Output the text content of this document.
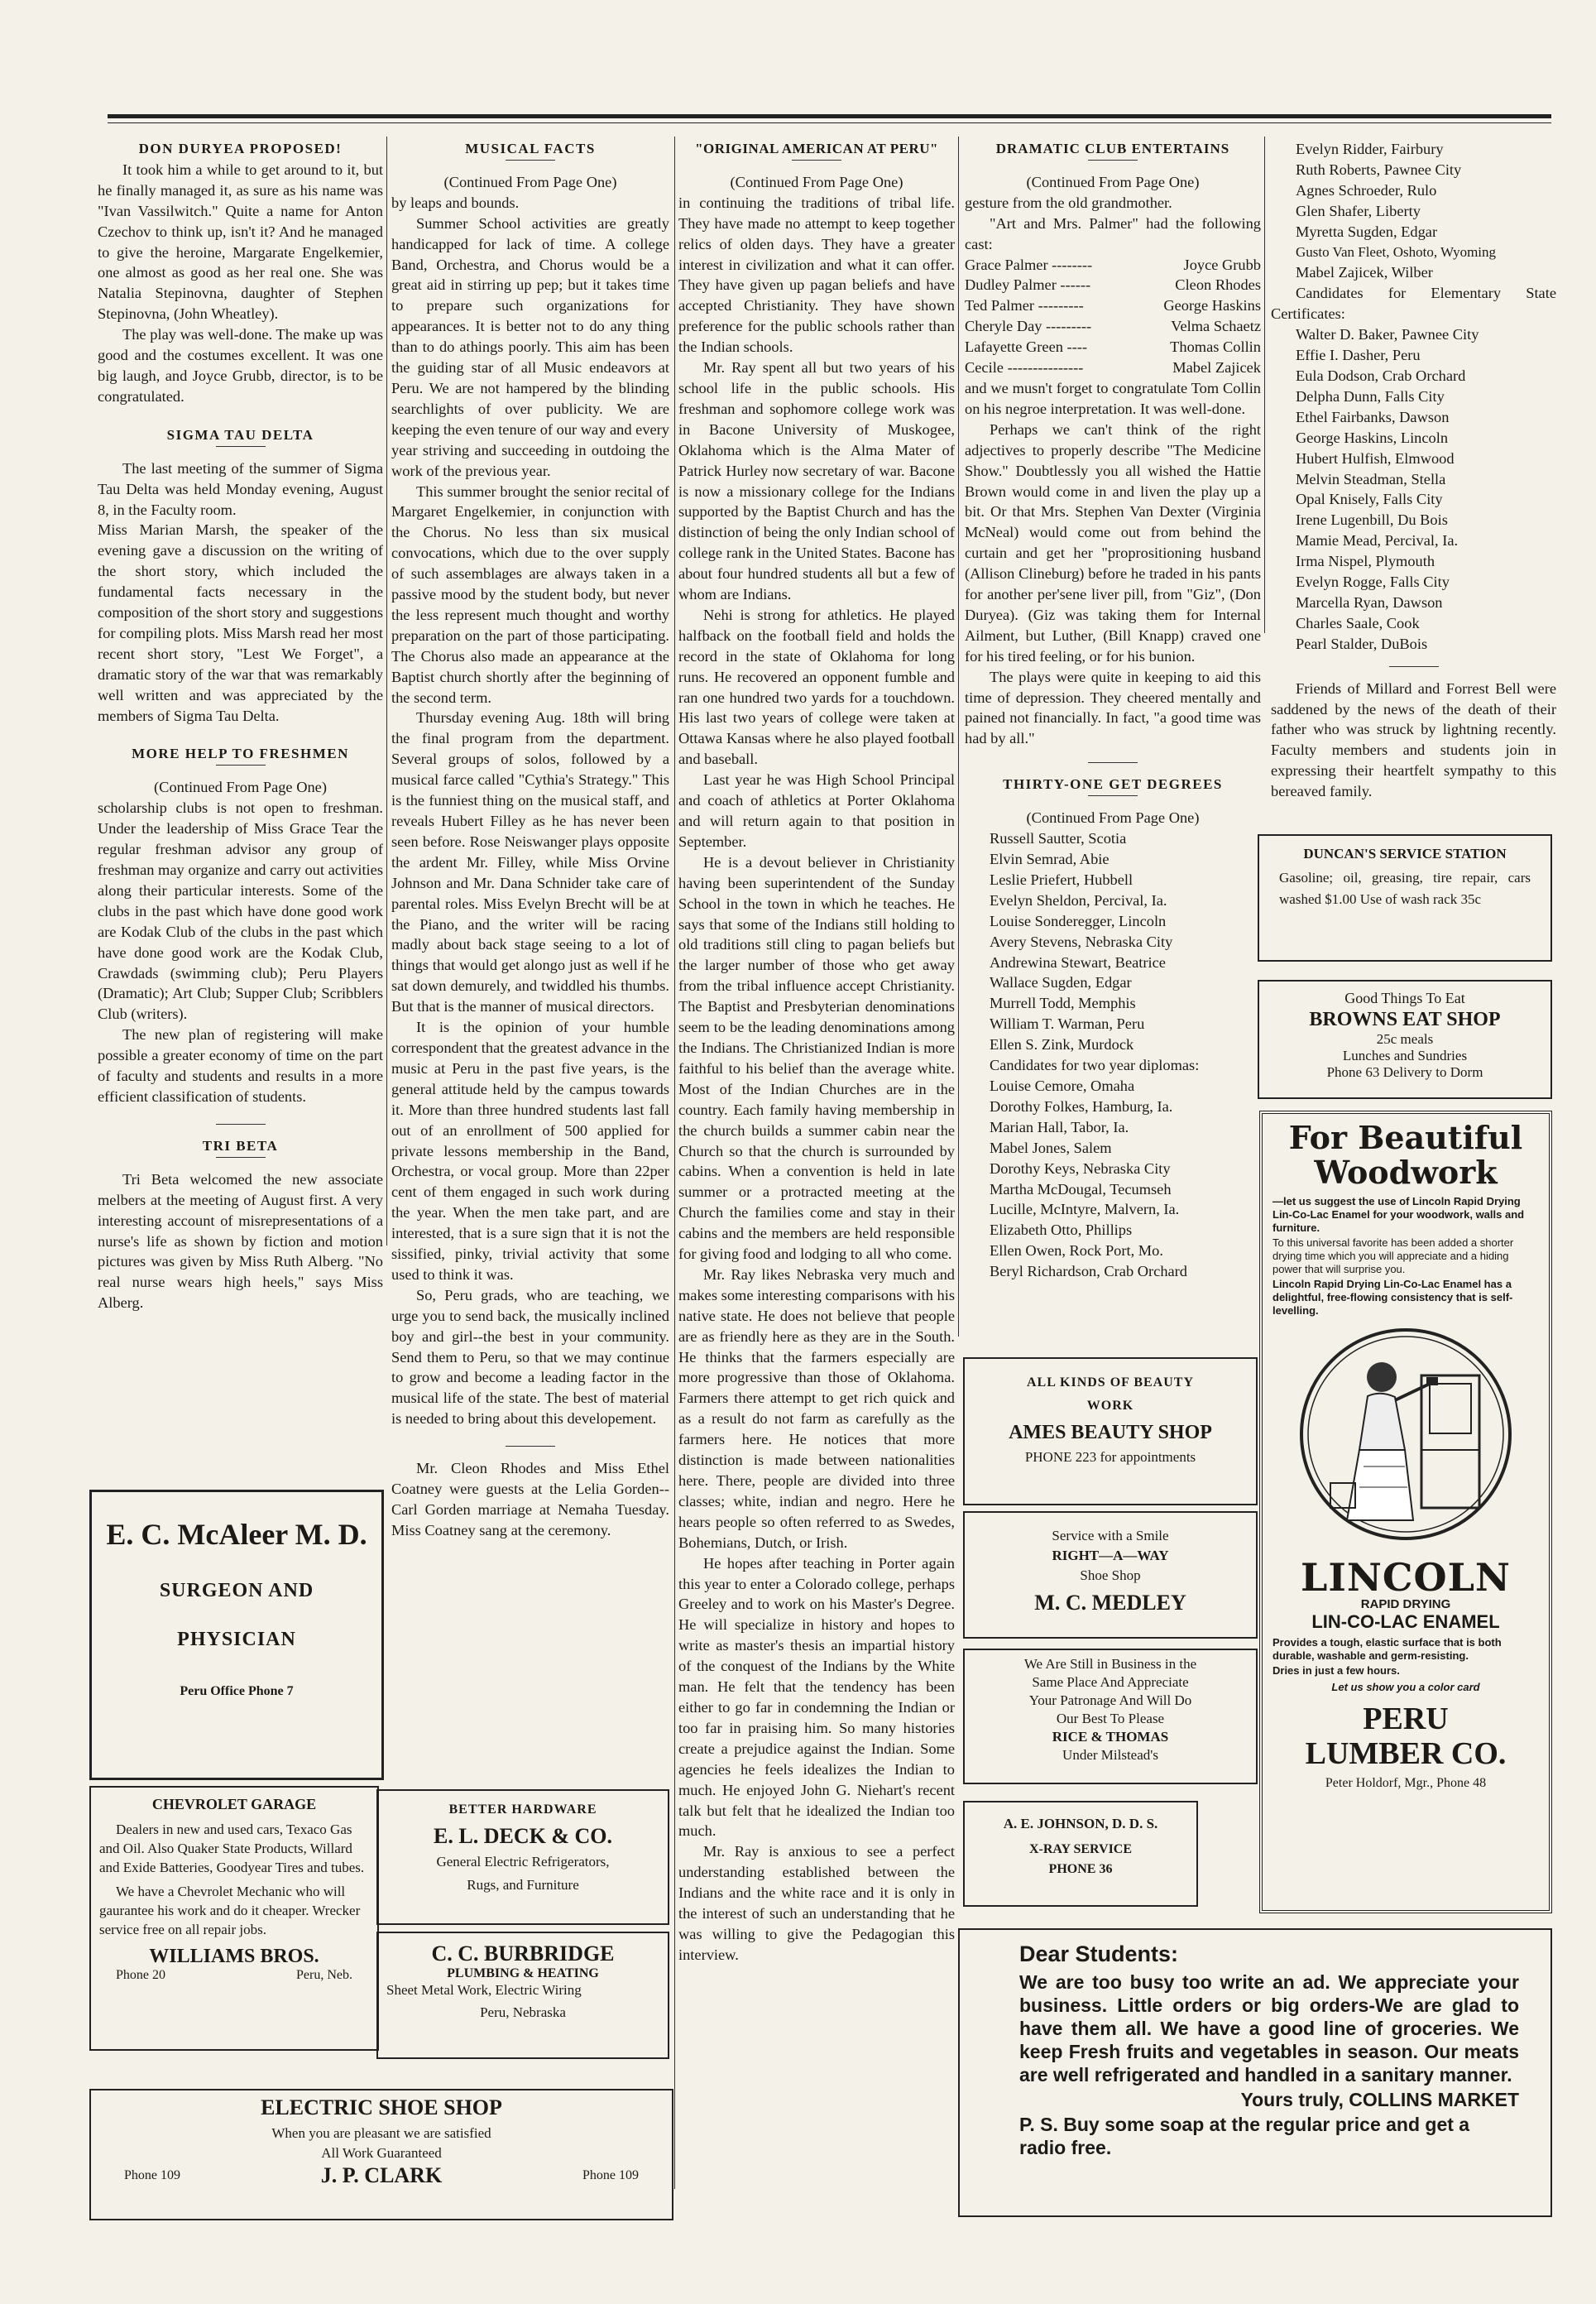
DON DURYEA PROPOSED!

It took him a while to get around to it, but he finally managed it, as sure as his name was "Ivan Vassilwitch." Quite a name for Anton Czechov to think up, isn't it? And he managed to give the heroine, Margarate Engelkemier, one almost as good as her real one. She was Natalia Stepinovna, daughter of Stephen Stepinovna, (John Wheatley).

The play was well-done. The make up was good and the costumes excellent. It was one big laugh, and Joyce Grubb, director, is to be congratulated.

SIGMA TAU DELTA

The last meeting of the summer of Sigma Tau Delta was held Monday evening, August 8, in the Faculty room.

Miss Marian Marsh, the speaker of the evening gave a discussion on the writing of the short story, which included the fundamental facts necessary in the composition of the short story and suggestions for compiling plots. Miss Marsh read her most recent short story, "Lest We Forget", a dramatic story of the war that was remarkably well written and was appreciated by the members of Sigma Tau Delta.

MORE HELP TO FRESHMEN

(Continued From Page One)

scholarship clubs is not open to freshman. Under the leadership of Miss Grace Tear the regular freshman advisor any group of freshman may organize and carry out activities along their particular interests. Some of the clubs in the past which have done good work are Kodak Club of the clubs in the past which have done good work are the Kodak Club, Crawdads (swimming club); Peru Players (Dramatic); Art Club; Supper Club; Scribblers Club (writers).

The new plan of registering will make possible a greater economy of time on the part of faculty and students and results in a more efficient classification of students.

TRI BETA

Tri Beta welcomed the new associate melbers at the meeting of August first. A very interesting account of misrepresentations of a nurse's life as shown by fiction and motion pictures was given by Miss Ruth Alberg. "No real nurse wears high heels," says Miss Alberg.

MUSICAL FACTS

(Continued From Page One)

by leaps and bounds.

Summer School activities are greatly handicapped for lack of time. A college Band, Orchestra, and Chorus would be a great aid in stirring up pep; but it takes time to prepare such organizations for appearances. It is better not to do any thing than to do athings poorly. This aim has been the guiding star of all Music endeavors at Peru. We are not hampered by the blinding searchlights of over publicity. We are keeping the even tenure of our way and every year striving and succeeding in outdoing the work of the previous year.

This summer brought the senior recital of Margaret Engelkemier, in conjunction with the Chorus. No less than six musical convocations, which due to the over supply of such assemblages are always taken in a passive mood by the student body, but never the less represent much thought and worthy preparation on the part of those participating. The Chorus also made an appearance at the Baptist church shortly after the beginning of the second term.

Thursday evening Aug. 18th will bring the final program from the department. Several groups of solos, followed by a musical farce called "Cythia's Strategy." This is the funniest thing on the musical staff, and reveals Hubert Filley as he has never been seen before. Rose Neiswanger plays opposite the ardent Mr. Filley, while Miss Orvine Johnson and Mr. Dana Schnider take care of parental roles. Miss Evelyn Brecht will be at the Piano, and the writer will be racing madly about back stage seeing to a lot of things that would get alongo just as well if he sat down demurely, and twiddled his thumbs. But that is the manner of musical directors.

It is the opinion of your humble correspondent that the greatest advance in the music at Peru in the past five years, is the general attitude held by the campus towards it. More than three hundred students last fall out of an enrollment of 500 applied for private lessons membership in the Band, Orchestra, or vocal group. More than 22per cent of them engaged in such work during the year. When the men take part, and are interested, that is a sure sign that it is not the sissified, pinky, trivial activity that some used to think it was.

So, Peru grads, who are teaching, we urge you to send back, the musically inclined boy and girl--the best in your community. Send them to Peru, so that we may continue to grow and become a leading factor in the musical life of the state. The best of material is needed to bring about this developement.

Mr. Cleon Rhodes and Miss Ethel Coatney were guests at the Lelia Gorden--Carl Gorden marriage at Nemaha Tuesday. Miss Coatney sang at the ceremony.

"ORIGINAL AMERICAN AT PERU"

(Continued From Page One)

in continuing the traditions of tribal life. They have made no attempt to keep together relics of olden days. They have a greater interest in civilization and what it can offer. They have given up pagan beliefs and have accepted Christianity. They have shown preference for the public schools rather than the Indian schools.

Mr. Ray spent all but two years of his school life in the public schools. His freshman and sophomore college work was in Bacone University of Muskogee, Oklahoma which is the Alma Mater of Patrick Hurley now secretary of war. Bacone is now a missionary college for the Indians supported by the Baptist Church and has the distinction of being the only Indian school of college rank in the United States. Bacone has about four hundred students all but a few of whom are Indians.

Nehi is strong for athletics. He played halfback on the football field and holds the record in the state of Oklahoma for long runs. He recovered an opponent fumble and ran one hundred two yards for a touchdown. His last two years of college were taken at Ottawa Kansas where he also played football and baseball.

Last year he was High School Principal and coach of athletics at Porter Oklahoma and will return again to that position in September.

He is a devout believer in Christianity having been superintendent of the Sunday School in the town in which he teaches. He says that some of the Indians still holding to old traditions still cling to pagan beliefs but the larger number of those who get away from the tribal influence accept Christianity. The Baptist and Presbyterian denominations seem to be the leading denominations among the Indians. The Christianized Indian is more faithful to his belief than the average white. Most of the Indian Churches are in the country. Each family having membership in the church builds a summer cabin near the Church so that the church is surrounded by cabins. When a convention is held in late summer or a protracted meeting at the Church the families come and stay in their cabins and the members are held responsible for giving food and lodging to all who come.

Mr. Ray likes Nebraska very much and makes some interesting comparisons with his native state. He does not believe that people are as friendly here as they are in the South. He thinks that the farmers especially are more progressive than those of Oklahoma. Farmers there attempt to get rich quick and as a result do not farm as carefully as the farmers here. He notices that more distinction is made between nationalities here. There, people are divided into three classes; white, indian and negro. Here he hears people so often referred to as Swedes, Bohemians, Dutch, or Irish.

He hopes after teaching in Porter again this year to enter a Colorado college, perhaps Greeley and to work on his Master's Degree. He will specialize in history and hopes to write as master's thesis an impartial history of the conquest of the Indians by the White man. He felt that the tendency has been either to go far in condemning the Indian or too far in praising him. So many histories create a prejudice against the Indian. Some agencies he feels idealizes the Indian to much. He enjoyed John G. Niehart's recent talk but felt that he idealized the Indian too much.

Mr. Ray is anxious to see a perfect understanding established between the Indians and the white race and it is only in the interest of such an understanding that he was willing to give the Pedagogian this interview.

DRAMATIC CLUB ENTERTAINS

(Continued From Page One)

gesture from the old grandmother.

"Art and Mrs. Palmer" had the following cast:

Grace Palmer --------	Joyce Grubb
Dudley Palmer ------	Cleon Rhodes
Ted Palmer ---------	George Haskins
Cheryle Day ---------	Velma Schaetz
Lafayette Green ----	Thomas Collin
Cecile ---------------	Mabel Zajicek

and we musn't forget to congratulate Tom Collin on his negroe interpretation. It was well-done.

Perhaps we can't think of the right adjectives to properly describe "The Medicine Show." Doubtlessly you all wished the Hattie Brown would come in and liven the play up a bit. Or that Mrs. Stephen Van Dexter (Virginia McNeal) would come out from behind the curtain and get her "proprositioning husband (Allison Clineburg) before he traded in his pants for another per'sene liver pill, from "Giz", (Don Duryea). (Giz was taking them for Internal Ailment, but Luther, (Bill Knapp) craved one for his tired feeling, or for his bunion.

The plays were quite in keeping to aid this time of depression. They cheered mentally and pained not financially. In fact, "a good time was had by all."

THIRTY-ONE GET DEGREES

(Continued From Page One)

Russell Sautter, Scotia

Elvin Semrad, Abie

Leslie Priefert, Hubbell

Evelyn Sheldon, Percival, Ia.

Louise Sonderegger, Lincoln

Avery Stevens, Nebraska City

Andrewina Stewart, Beatrice

Wallace Sugden, Edgar

Murrell Todd, Memphis

William T. Warman, Peru

Ellen S. Zink, Murdock

Candidates for two year diplomas:

Louise Cemore, Omaha

Dorothy Folkes, Hamburg, Ia.

Marian Hall, Tabor, Ia.

Mabel Jones, Salem

Dorothy Keys, Nebraska City

Martha McDougal, Tecumseh

Lucille, McIntyre, Malvern, Ia.

Elizabeth Otto, Phillips

Ellen Owen, Rock Port, Mo.

Beryl Richardson, Crab Orchard

Evelyn Ridder, Fairbury

Ruth Roberts, Pawnee City

Agnes Schroeder, Rulo

Glen Shafer, Liberty

Myretta Sugden, Edgar

Gusto Van Fleet, Oshoto, Wyoming

Mabel Zajicek, Wilber

Candidates for Elementary State Certificates:

Walter D. Baker, Pawnee City

Effie I. Dasher, Peru

Eula Dodson, Crab Orchard

Delpha Dunn, Falls City

Ethel Fairbanks, Dawson

George Haskins, Lincoln

Hubert Hulfish, Elmwood

Melvin Steadman, Stella

Opal Knisely, Falls City

Irene Lugenbill, Du Bois

Mamie Mead, Percival, Ia.

Irma Nispel, Plymouth

Evelyn Rogge, Falls City

Marcella Ryan, Dawson

Charles Saale, Cook

Pearl Stalder, DuBois

Friends of Millard and Forrest Bell were saddened by the news of the death of their father who was struck by lightning recently. Faculty members and students join in expressing their heartfelt sympathy to this bereaved family.

E. C. McAleer M. D.
SURGEON AND
PHYSICIAN
Peru Office Phone 7
CHEVROLET GARAGE
Dealers in new and used cars, Texaco Gas and Oil. Also Quaker State Products, Willard and Exide Batteries, Goodyear Tires and tubes.
We have a Chevrolet Mechanic who will gaurantee his work and do it cheaper. Wrecker service free on all repair jobs.
WILLIAMS BROS.
Phone 20	Peru, Neb.
BETTER HARDWARE
E. L. DECK & CO.
General Electric Refrigerators,
Rugs, and Furniture
C. C. BURBRIDGE
PLUMBING & HEATING
Sheet Metal Work, Electric Wiring
Peru, Nebraska
ELECTRIC SHOE SHOP
When you are pleasant we are satisfied
All Work Guaranteed
Phone 109	J. P. CLARK	Phone 109
ALL KINDS OF BEAUTY
WORK
AMES BEAUTY SHOP
PHONE 223 for appointments
Service with a Smile
RIGHT—A—WAY
Shoe Shop
M. C. MEDLEY
We Are Still in Business in the
Same Place And Appreciate
Your Patronage And Will Do
Our Best To Please
RICE & THOMAS
Under Milstead's
A. E. JOHNSON, D. D. S.
X-RAY SERVICE
PHONE 36
DUNCAN'S SERVICE STATION
Gasoline; oil, greasing, tire repair, cars washed $1.00 Use of wash rack 35c
Good Things To Eat
BROWNS EAT SHOP
25c meals
Lunches and Sundries
Phone 63 Delivery to Dorm
For Beautiful
Woodwork
—let us suggest the use of Lincoln Rapid Drying Lin-Co-Lac Enamel for your woodwork, walls and furniture.
To this universal favorite has been added a shorter drying time which you will appreciate and a hiding power that will surprise you.
Lincoln Rapid Drying Lin-Co-Lac Enamel has a delightful, free-flowing consistency that is self-levelling.
LINCOLN
RAPID DRYING
LIN-CO-LAC ENAMEL
Provides a tough, elastic surface that is both durable, washable and germ-resisting.
Dries in just a few hours.
Let us show you a color card
PERU
LUMBER CO.
Peter Holdorf, Mgr., Phone 48
Dear Students:
We are too busy too write an ad. We appreciate your business. Little orders or big orders-We are glad to have them all. We have a good line of groceries. We keep Fresh fruits and vegetables in season. Our meats are well refrigerated and handled in a sanitary manner.
Yours truly, COLLINS MARKET
P. S. Buy some soap at the regular price and get a radio free.
